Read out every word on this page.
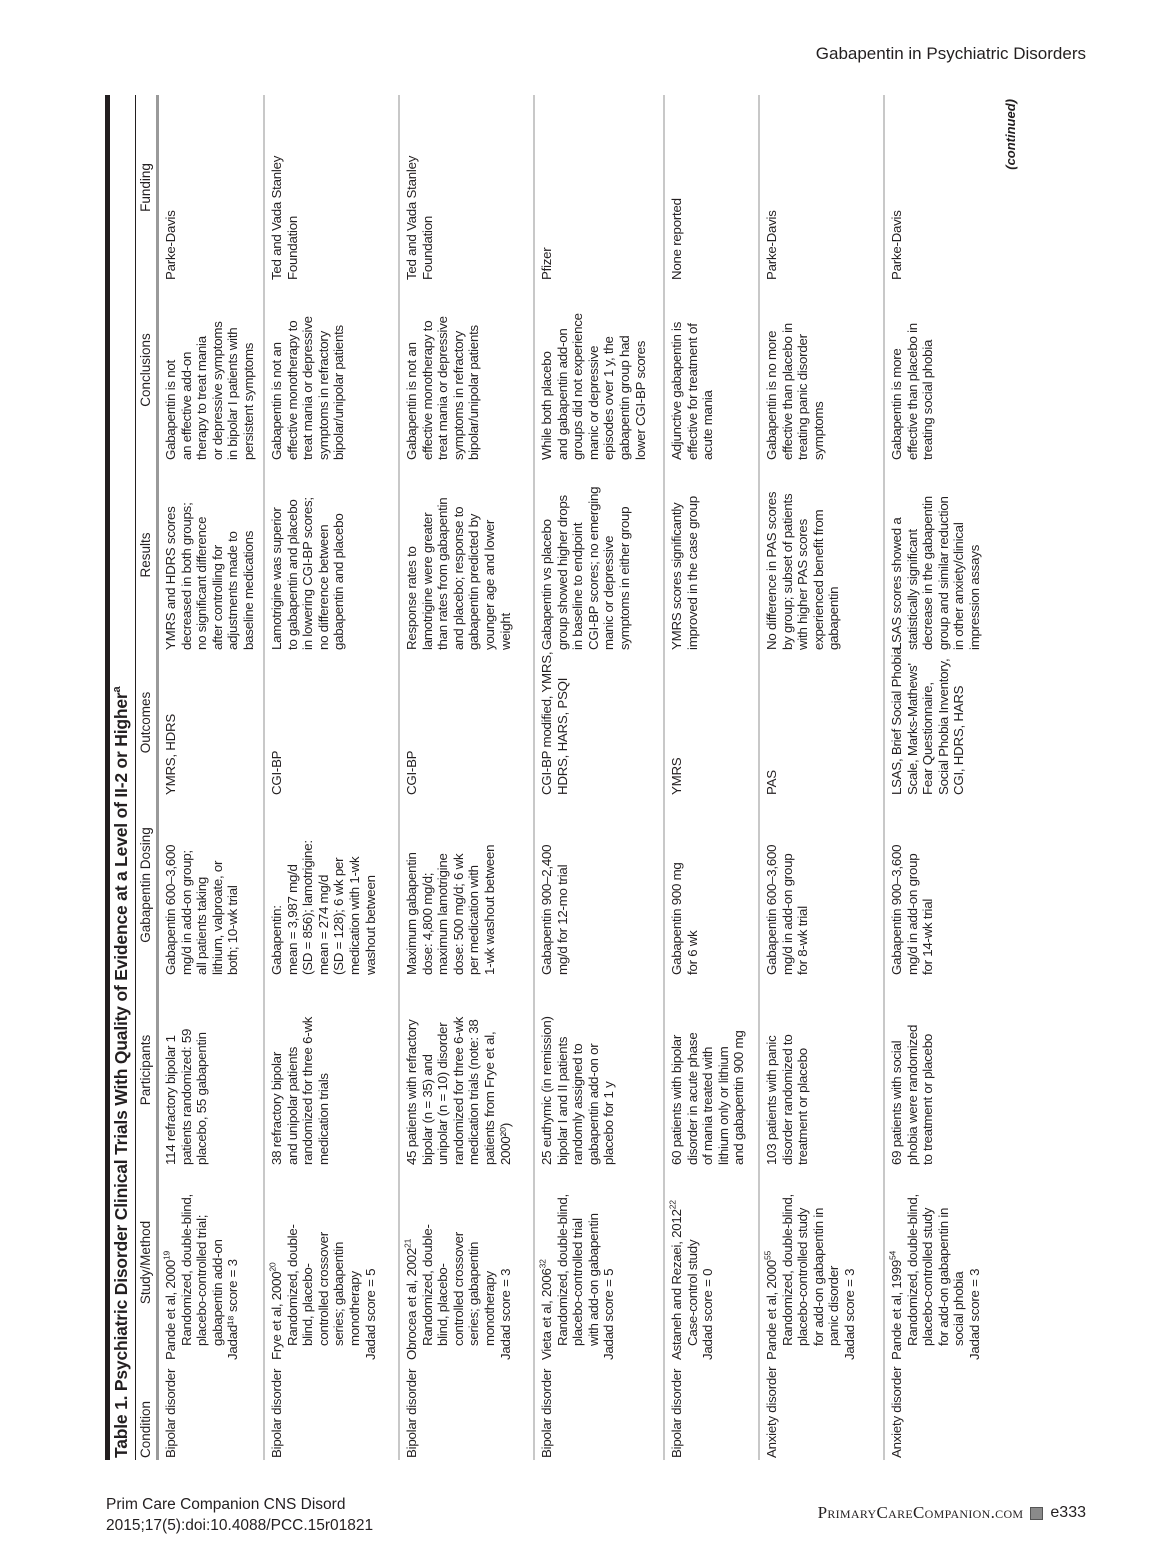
Gabapentin in Psychiatric Disorders
Table 1. Psychiatric Disorder Clinical Trials With Quality of Evidence at a Level of II-2 or Higher$^a$
Condition
Study/Method
Participants
Gabapentin Dosing
Outcomes
Results
Conclusions
Funding
Bipolar disorder
Pande et al, 2000$^{19}$
Randomized, double-blind,
placebo-controlled trial;
gabapentin add-on Jadad¹⁸ score = 3
114 refractory bipolar 1
patients randomized: 59
placebo, 55 gabapentin
Gabapentin 600–3,600
mg/d in add-on group;
all patients taking
lithium, valproate, or
both; 10-wk trial
YMRS, HDRS
YMRS and HDRS scores
decreased in both groups;
no significant difference
after controlling for
adjustments made to
baseline medications
Gabapentin is not
an effective add-on
therapy to treat mania
or depressive symptoms
in bipolar I patients with
persistent symptoms
Parke-Davis
Bipolar disorder
Frye et al, 2000$^{20}$
Randomized, double-
blind, placebo-
controlled crossover
series; gabapentin
monotherapy Jadad score = 5
38 refractory bipolar
and unipolar patients
randomized for three 6-wk
medication trials
Gabapentin:
mean = 3,987 mg/d
(SD = 856); lamotrigine:
mean = 274 mg/d
(SD = 128); 6 wk per
medication with 1-wk
washout between
CGI-BP
Lamotrigine was superior
to gabapentin and placebo
in lowering CGI-BP scores;
no difference between
gabapentin and placebo
Gabapentin is not an
effective monotherapy to
treat mania or depressive
symptoms in refractory
bipolar/unipolar patients
Ted and Vada Stanley
Foundation
Bipolar disorder
Obrocea et al, 2002$^{21}$
Randomized, double-
blind, placebo-
controlled crossover
series; gabapentin
monotherapy Jadad score = 3
45 patients with refractory
bipolar (n = 35) and
unipolar (n = 10) disorder
randomized for three 6-wk
medication trials (note: 38
patients from Frye et al,
2000²⁰)
Maximum gabapentin
dose: 4,800 mg/d;
maximum lamotrigine
dose: 500 mg/d; 6 wk
per medication with
1-wk washout between
CGI-BP
Response rates to
lamotrigine were greater
than rates from gabapentin
and placebo; response to
gabapentin predicted by
younger age and lower
weight
Gabapentin is not an
effective monotherapy to
treat mania or depressive
symptoms in refractory
bipolar/unipolar patients
Ted and Vada Stanley
Foundation
Bipolar disorder
Vieta et al, 2006$^{32}$
Randomized, double-blind,
placebo-controlled trial
with add-on gabapentin
Jadad score = 5
25 euthymic (in remission)
bipolar I and II patients
randomly assigned to
gabapentin add-on or
placebo for 1 y
Gabapentin 900–2,400
mg/d for 12-mo trial
CGI-BP modified, YMRS,
HDRS, HARS, PSQI
Gabapentin vs placebo
group showed higher drops
in baseline to endpoint
CGI-BP scores; no emerging
manic or depressive
symptoms in either group
While both placebo
and gabapentin add-on
groups did not experience
manic or depressive
episodes over 1 y, the
gabapentin group had
lower CGI-BP scores
Pfizer
Bipolar disorder
Astaneh and Rezaei, 2012$^{22}$
Case-control study Jadad score = 0
60 patients with bipolar
disorder in acute phase
of mania treated with
lithium only or lithium
and gabapentin 900 mg
Gabapentin 900 mg
for 6 wk
YMRS
YMRS scores significantly
improved in the case group
Adjunctive gabapentin is
effective for treatment of
acute mania
None reported
Anxiety disorder
Pande et al, 2000$^{55}$
Randomized, double-blind,
placebo-controlled study
for add-on gabapentin in
panic disorder Jadad score = 3
103 patients with panic
disorder randomized to
treatment or placebo
Gabapentin 600–3,600
mg/d in add-on group
for 8-wk trial
PAS
No difference in PAS scores
by group; subset of patients
with higher PAS scores
experienced benefit from
gabapentin
Gabapentin is no more
effective than placebo in
treating panic disorder
symptoms
Parke-Davis
Anxiety disorder
Pande et al, 1999$^{54}$
Randomized, double-blind,
placebo-controlled study
for add-on gabapentin in
social phobia Jadad score = 3
69 patients with social
phobia were randomized
to treatment or placebo
Gabapentin 900–3,600
mg/d in add-on group
for 14-wk trial
LSAS, Brief Social Phobia
Scale, Marks-Mathews'
Fear Questionnaire,
Social Phobia Inventory,
CGI, HDRS, HARS
LSAS scores showed a
statistically significant
decrease in the gabapentin
group and similar reduction
in other anxiety/clinical
impression assays
Gabapentin is more
effective than placebo in
treating social phobia
Parke-Davis
(continued)
Prim Care Companion CNS Disord
2015;17(5):doi:10.4088/PCC.15r01821
PrimaryCareCompanion.com e333
